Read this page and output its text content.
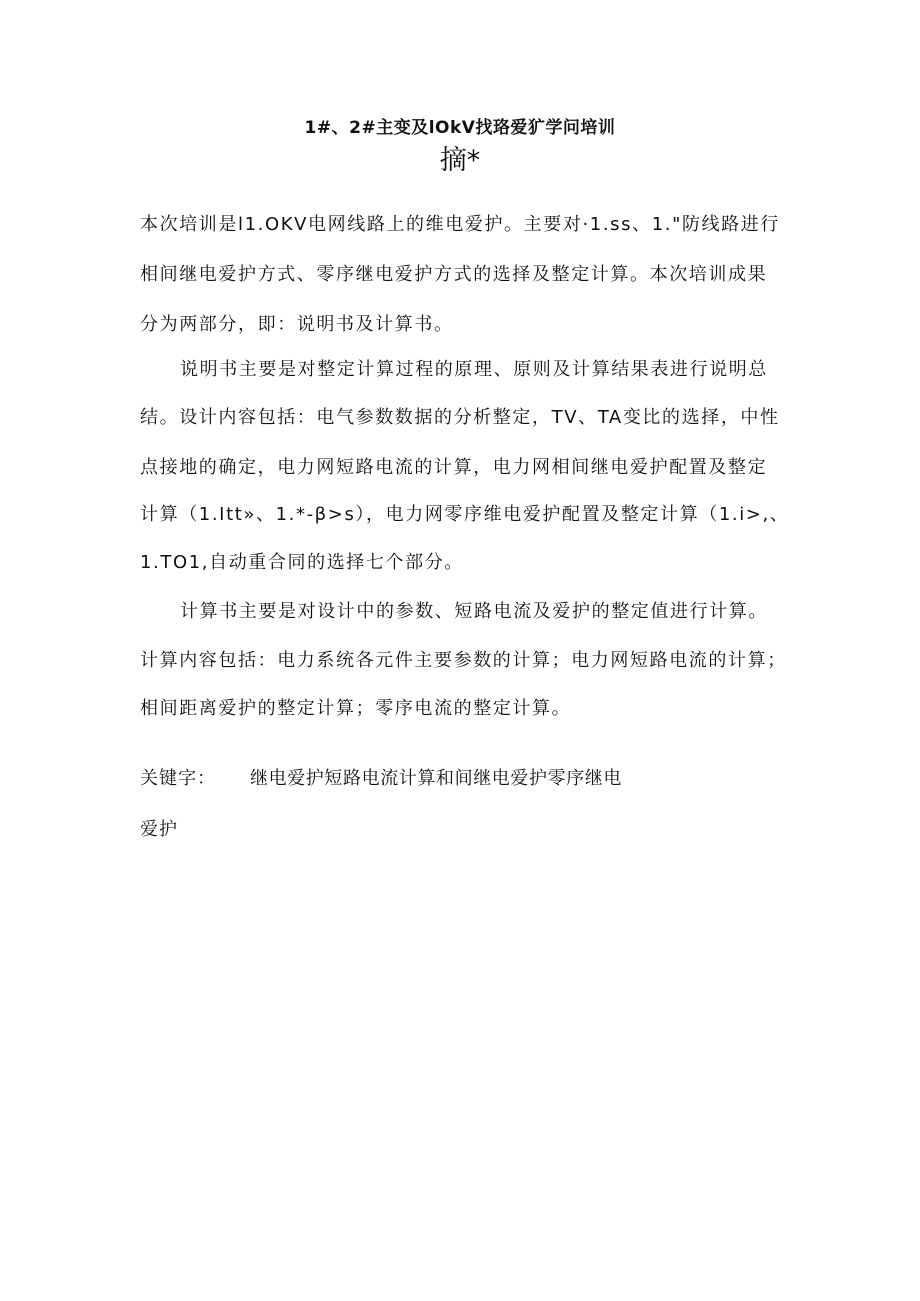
1#、2#主变及lOkV找珞爱犷学问培训
摘*
本次培训是l1.OKV电网线路上的维电爱护。主要对·1.ss、1."防线路进行
相间继电爱护方式、零序继电爱护方式的选择及整定计算。本次培训成果
分为两部分，即：说明书及计算书。
说明书主要是对整定计算过程的原理、原则及计算结果表进行说明总
结。设计内容包括：电气参数数据的分析整定，TV、TA变比的选择，中性
点接地的确定，电力网短路电流的计算，电力网相间继电爱护配置及整定
计算（1.Itt»、1.*-β>s），电力网零序维电爱护配置及整定计算（1.i>,、
1.TO1,自动重合同的选择七个部分。
计算书主要是对设计中的参数、短路电流及爱护的整定值进行计算。
计算内容包括：电力系统各元件主要参数的计算；电力网短路电流的计算；
相间距离爱护的整定计算；零序电流的整定计算。
关键字： 继电爱护短路电流计算和间继电爱护零序继电
爱护
